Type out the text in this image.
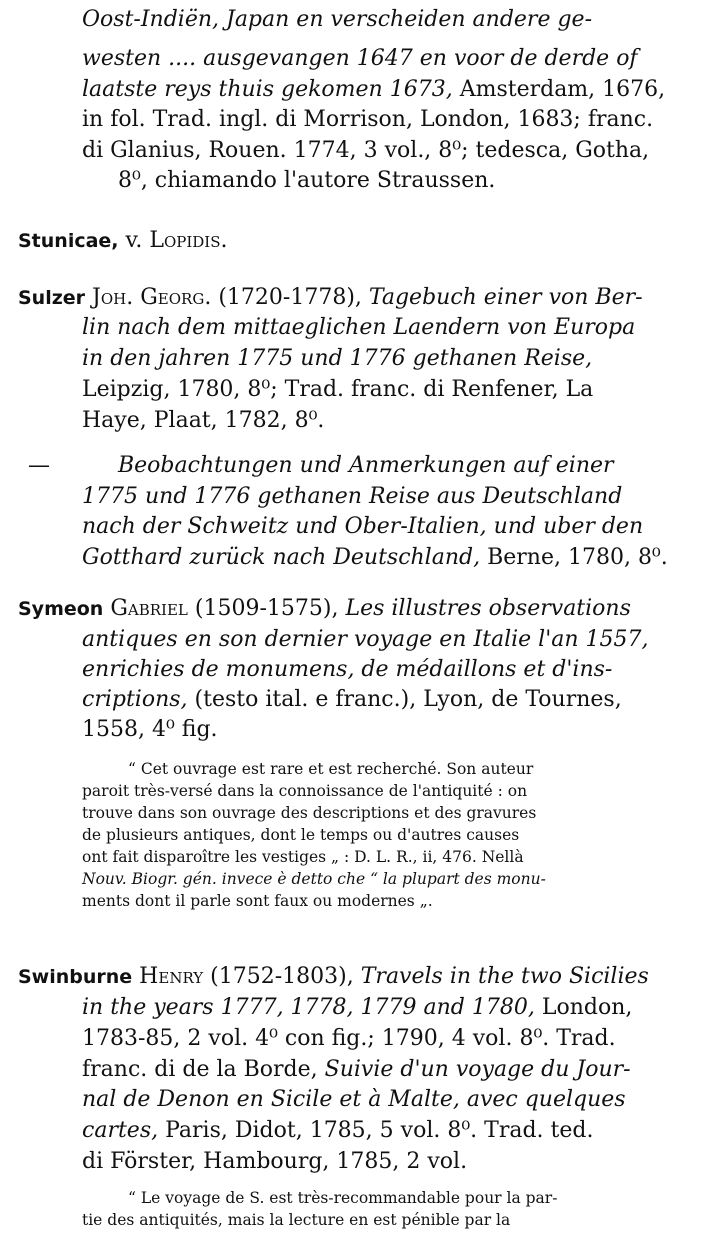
Oost-Indiën, Japan en verscheiden andere ge-
westen .... ausgevangen 1647 en voor de derde of
laatste reys thuis gekomen 1673, Amsterdam, 1676,
in fol. Trad. ingl. di Morrison, London, 1683; franc.
di Glanius, Rouen. 1774, 3 vol., 8⁰; tedesca, Gotha,
8⁰, chiamando l'autore Straussen.
Stunicae, v. Lopidis.
Sulzer Joh. Georg. (1720-1778), Tagebuch einer von Ber-
lin nach dem mittaeglichen Laendern von Europa
in den jahren 1775 und 1776 gethanen Reise,
Leipzig, 1780, 8⁰; Trad. franc. di Renfener, La
Haye, Plaat, 1782, 8⁰.
—	Beobachtungen und Anmerkungen auf einer
1775 und 1776 gethanen Reise aus Deutschland
nach der Schweitz und Ober-Italien, und uber den
Gotthard zurück nach Deutschland, Berne, 1780, 8⁰.
Symeon Gabriel (1509-1575), Les illustres observations
antiques en son dernier voyage en Italie l'an 1557,
enrichies de monumens, de médaillons et d'ins-
criptions, (testo ital. e franc.), Lyon, de Tournes,
1558, 4⁰ fig.
“ Cet ouvrage est rare et est recherché. Son auteur
paroit très-versé dans la connoissance de l'antiquité : on
trouve dans son ouvrage des descriptions et des gravures
de plusieurs antiques, dont le temps ou d'autres causes
ont fait disparoître les vestiges „ : D. L. R., ii, 476. Nellà
Nouv. Biogr. gén. invece è detto che “ la plupart des monu-
ments dont il parle sont faux ou modernes „.
Swinburne Henry (1752-1803), Travels in the two Sicilies
in the years 1777, 1778, 1779 and 1780, London,
1783-85, 2 vol. 4⁰ con fig.; 1790, 4 vol. 8⁰. Trad.
franc. di de la Borde, Suivie d'un voyage du Jour-
nal de Denon en Sicile et à Malte, avec quelques
cartes, Paris, Didot, 1785, 5 vol. 8⁰. Trad. ted.
di Förster, Hambourg, 1785, 2 vol.
“ Le voyage de S. est très-recommandable pour la par-
tie des antiquités, mais la lecture en est pénible par la
